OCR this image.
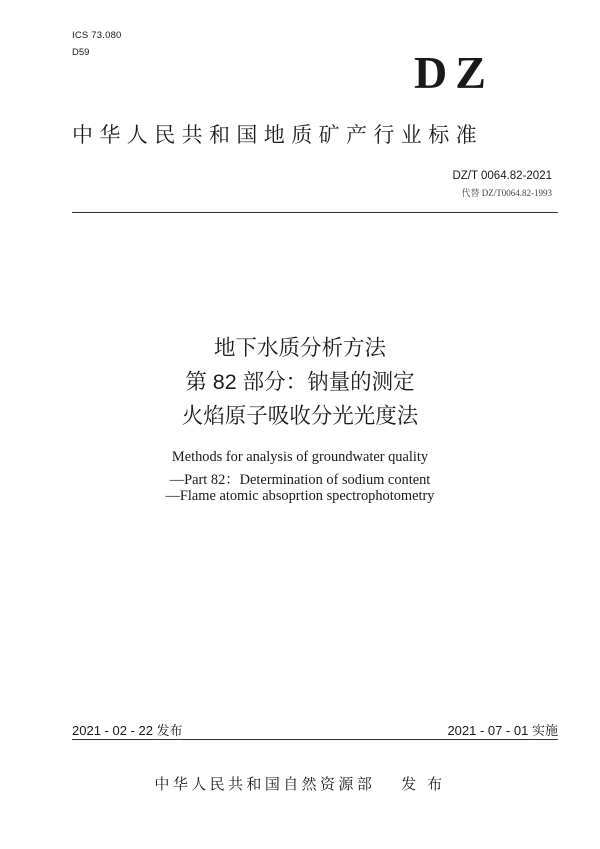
ICS 73.080
D59	DZ
中华人民共和国地质矿产行业标准
DZ/T 0064.82-2021
代替 DZ/T0064.82-1993
地下水质分析方法
第 82 部分：钠量的测定
火焰原子吸收分光光度法
Methods for analysis of groundwater quality
—Part 82：Determination of sodium content
—Flame atomic absoprtion spectrophotometry
2021 - 02 - 22 发布	2021 - 07 - 01 实施
中华人民共和国自然资源部　 发 布
